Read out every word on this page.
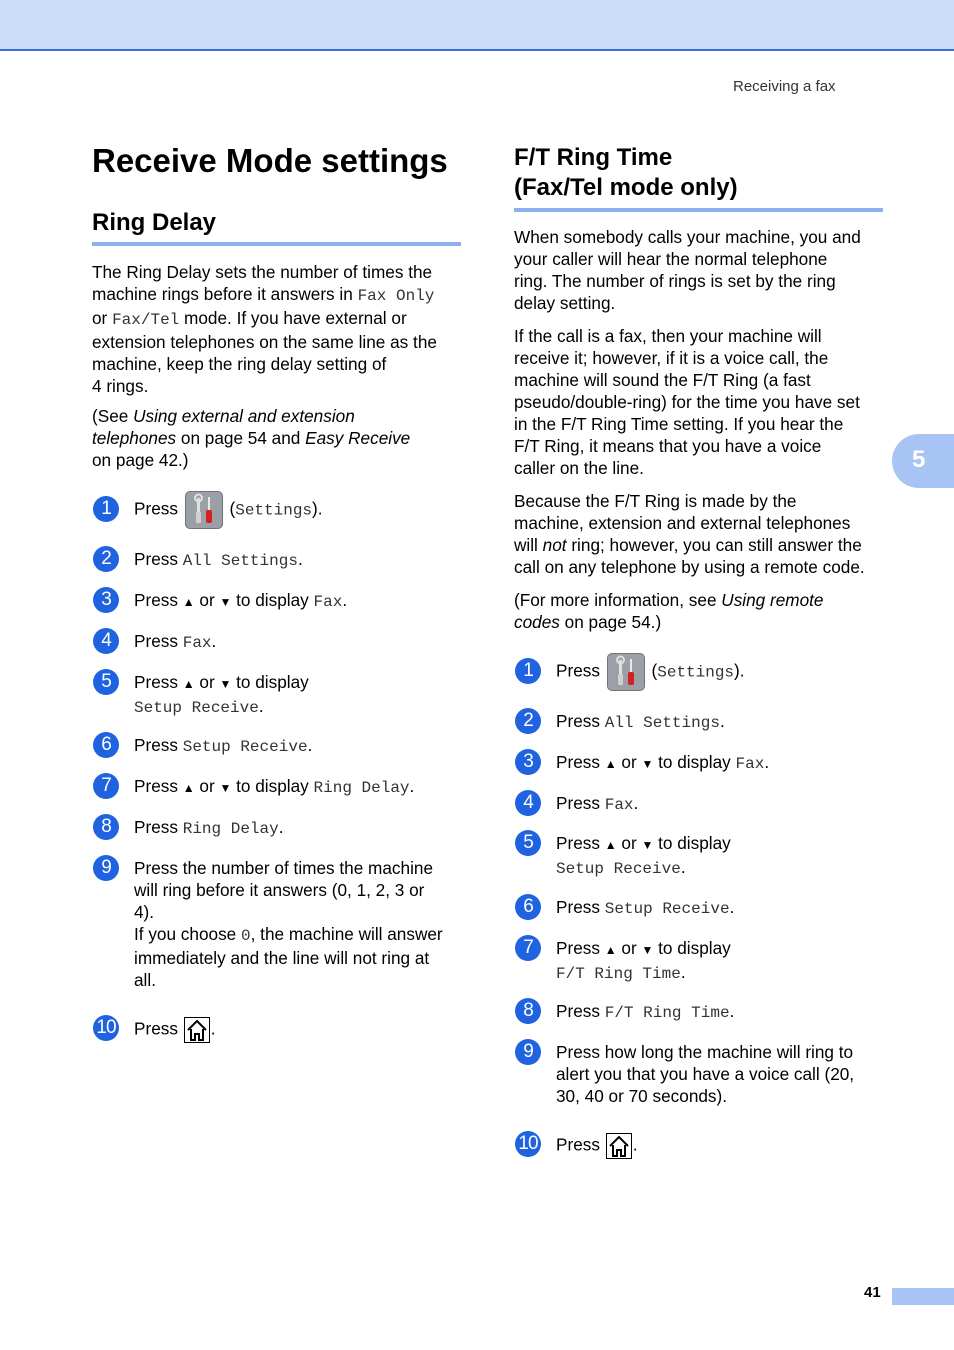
Receiving a fax
5
Receive Mode settings
Ring Delay
The Ring Delay sets the number of times the
machine rings before it answers in Fax Only
or Fax/Tel mode. If you have external or
extension telephones on the same line as the
machine, keep the ring delay setting of
4 rings.
(See Using external and extension
telephones on page 54 and Easy Receive
on page 42.)
1	Press  (Settings).
2	Press All Settings.
3	Press ▲ or ▼ to display Fax.
4	Press Fax.
5	Press ▲ or ▼ to display
Setup Receive.
6	Press Setup Receive.
7	Press ▲ or ▼ to display Ring Delay.
8	Press Ring Delay.
9	Press the number of times the machine
will ring before it answers (0, 1, 2, 3 or
4).
If you choose 0, the machine will answer
immediately and the line will not ring at
all.
10 Press .
F/T Ring Time
(Fax/Tel mode only)
When somebody calls your machine, you and
your caller will hear the normal telephone
ring. The number of rings is set by the ring
delay setting.
If the call is a fax, then your machine will
receive it; however, if it is a voice call, the
machine will sound the F/T Ring (a fast
pseudo/double-ring) for the time you have set
in the F/T Ring Time setting. If you hear the
F/T Ring, it means that you have a voice
caller on the line.
Because the F/T Ring is made by the
machine, extension and external telephones
will not ring; however, you can still answer the
call on any telephone by using a remote code.
(For more information, see Using remote
codes on page 54.)
1	Press  (Settings).
2	Press All Settings.
3	Press ▲ or ▼ to display Fax.
4	Press Fax.
5	Press ▲ or ▼ to display
Setup Receive.
6	Press Setup Receive.
7	Press ▲ or ▼ to display
F/T Ring Time.
8	Press F/T Ring Time.
9	Press how long the machine will ring to
alert you that you have a voice call (20,
30, 40 or 70 seconds).
10 Press .
41
